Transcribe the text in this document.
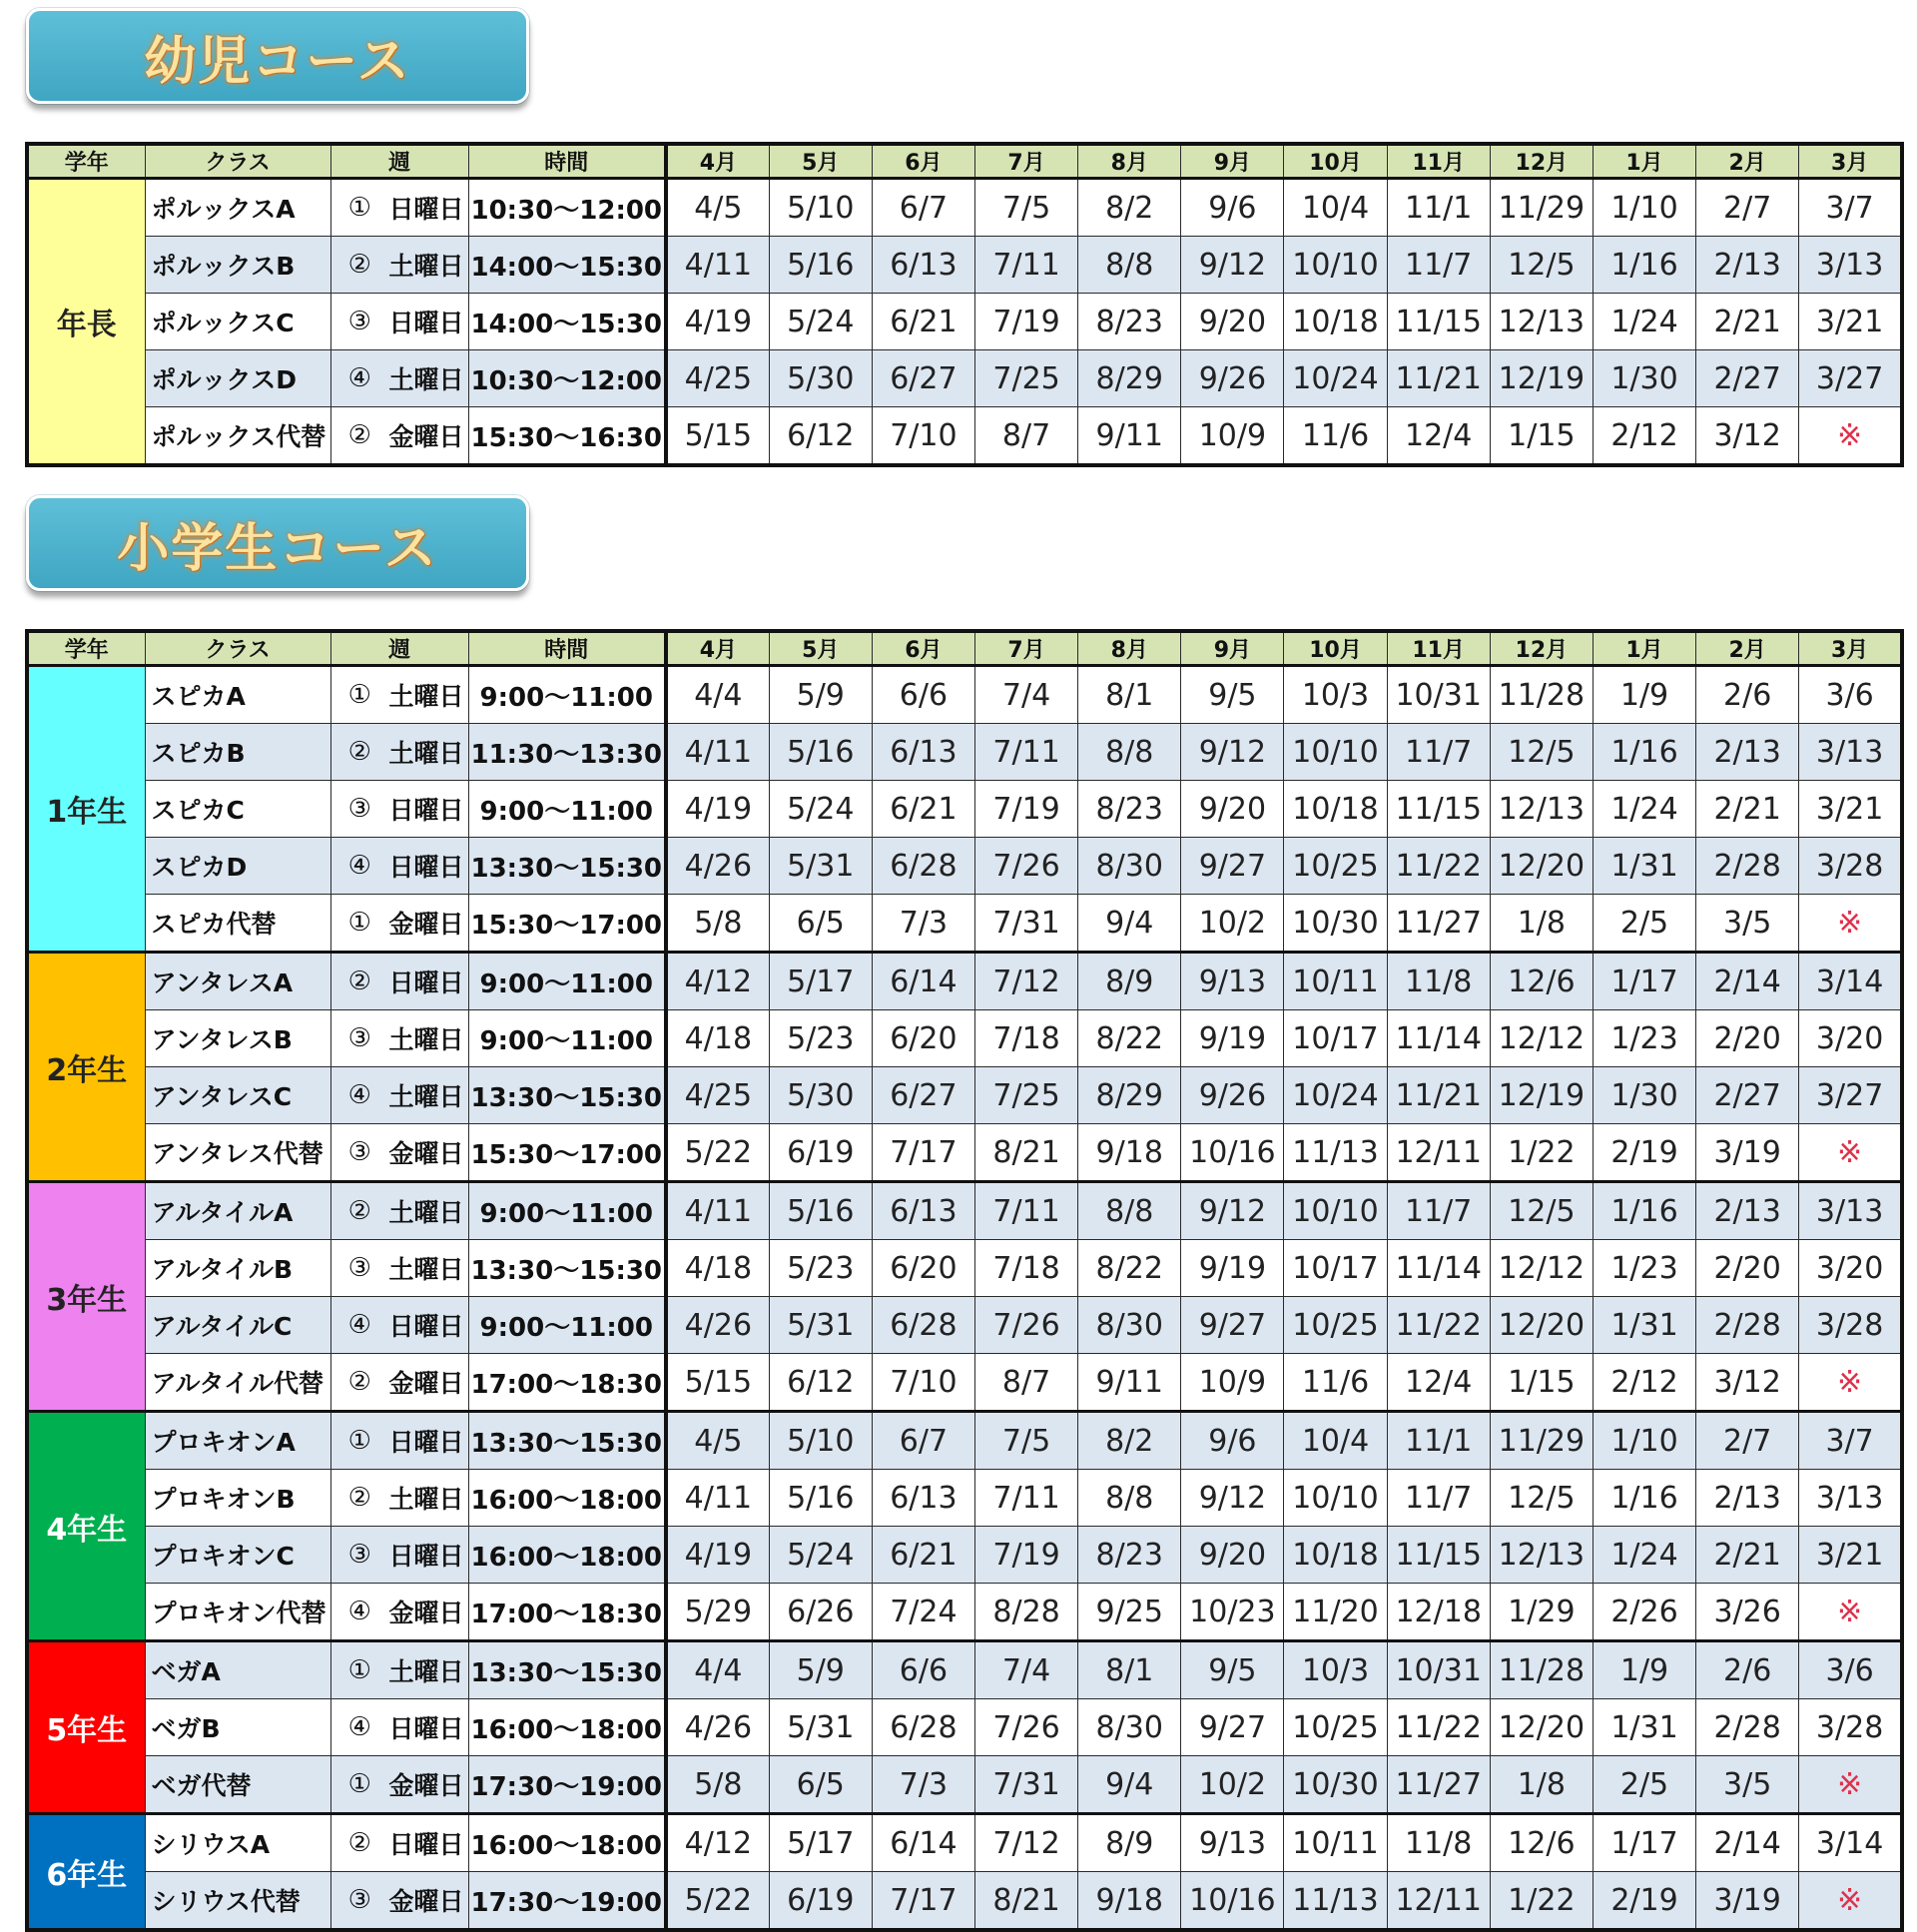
幼児コース
学年	クラス	週		時間	4月	5月	6月	7月	8月	9月	10月	11月	12月	1月	2月	3月
年長	ポルックスA	①	日曜日	10:30～12:00	4/5	5/10	6/7	7/5	8/2	9/6	10/4	11/1	11/29	1/10	2/7	3/7
	ポルックスB	②	土曜日	14:00～15:30	4/11	5/16	6/13	7/11	8/8	9/12	10/10	11/7	12/5	1/16	2/13	3/13
	ポルックスC	③	日曜日	14:00～15:30	4/19	5/24	6/21	7/19	8/23	9/20	10/18	11/15	12/13	1/24	2/21	3/21
	ポルックスD	④	土曜日	10:30～12:00	4/25	5/30	6/27	7/25	8/29	9/26	10/24	11/21	12/19	1/30	2/27	3/27
	ポルックス代替	②	金曜日	15:30～16:30	5/15	6/12	7/10	8/7	9/11	10/9	11/6	12/4	1/15	2/12	3/12	※
小学生コース
学年	クラス	週		時間	4月	5月	6月	7月	8月	9月	10月	11月	12月	1月	2月	3月
1年生	スピカA	①	土曜日	9:00～11:00	4/4	5/9	6/6	7/4	8/1	9/5	10/3	10/31	11/28	1/9	2/6	3/6
	スピカB	②	土曜日	11:30～13:30	4/11	5/16	6/13	7/11	8/8	9/12	10/10	11/7	12/5	1/16	2/13	3/13
	スピカC	③	日曜日	9:00～11:00	4/19	5/24	6/21	7/19	8/23	9/20	10/18	11/15	12/13	1/24	2/21	3/21
	スピカD	④	日曜日	13:30～15:30	4/26	5/31	6/28	7/26	8/30	9/27	10/25	11/22	12/20	1/31	2/28	3/28
	スピカ代替	①	金曜日	15:30～17:00	5/8	6/5	7/3	7/31	9/4	10/2	10/30	11/27	1/8	2/5	3/5	※
2年生	アンタレスA	②	日曜日	9:00～11:00	4/12	5/17	6/14	7/12	8/9	9/13	10/11	11/8	12/6	1/17	2/14	3/14
	アンタレスB	③	土曜日	9:00～11:00	4/18	5/23	6/20	7/18	8/22	9/19	10/17	11/14	12/12	1/23	2/20	3/20
	アンタレスC	④	土曜日	13:30～15:30	4/25	5/30	6/27	7/25	8/29	9/26	10/24	11/21	12/19	1/30	2/27	3/27
	アンタレス代替	③	金曜日	15:30～17:00	5/22	6/19	7/17	8/21	9/18	10/16	11/13	12/11	1/22	2/19	3/19	※
3年生	アルタイルA	②	土曜日	9:00～11:00	4/11	5/16	6/13	7/11	8/8	9/12	10/10	11/7	12/5	1/16	2/13	3/13
	アルタイルB	③	土曜日	13:30～15:30	4/18	5/23	6/20	7/18	8/22	9/19	10/17	11/14	12/12	1/23	2/20	3/20
	アルタイルC	④	日曜日	9:00～11:00	4/26	5/31	6/28	7/26	8/30	9/27	10/25	11/22	12/20	1/31	2/28	3/28
	アルタイル代替	②	金曜日	17:00～18:30	5/15	6/12	7/10	8/7	9/11	10/9	11/6	12/4	1/15	2/12	3/12	※
4年生	プロキオンA	①	日曜日	13:30～15:30	4/5	5/10	6/7	7/5	8/2	9/6	10/4	11/1	11/29	1/10	2/7	3/7
	プロキオンB	②	土曜日	16:00～18:00	4/11	5/16	6/13	7/11	8/8	9/12	10/10	11/7	12/5	1/16	2/13	3/13
	プロキオンC	③	日曜日	16:00～18:00	4/19	5/24	6/21	7/19	8/23	9/20	10/18	11/15	12/13	1/24	2/21	3/21
	プロキオン代替	④	金曜日	17:00～18:30	5/29	6/26	7/24	8/28	9/25	10/23	11/20	12/18	1/29	2/26	3/26	※
5年生	ベガA	①	土曜日	13:30～15:30	4/4	5/9	6/6	7/4	8/1	9/5	10/3	10/31	11/28	1/9	2/6	3/6
	ベガB	④	日曜日	16:00～18:00	4/26	5/31	6/28	7/26	8/30	9/27	10/25	11/22	12/20	1/31	2/28	3/28
	ベガ代替	①	金曜日	17:30～19:00	5/8	6/5	7/3	7/31	9/4	10/2	10/30	11/27	1/8	2/5	3/5	※
6年生	シリウスA	②	日曜日	16:00～18:00	4/12	5/17	6/14	7/12	8/9	9/13	10/11	11/8	12/6	1/17	2/14	3/14
	シリウス代替	③	金曜日	17:30～19:00	5/22	6/19	7/17	8/21	9/18	10/16	11/13	12/11	1/22	2/19	3/19	※
